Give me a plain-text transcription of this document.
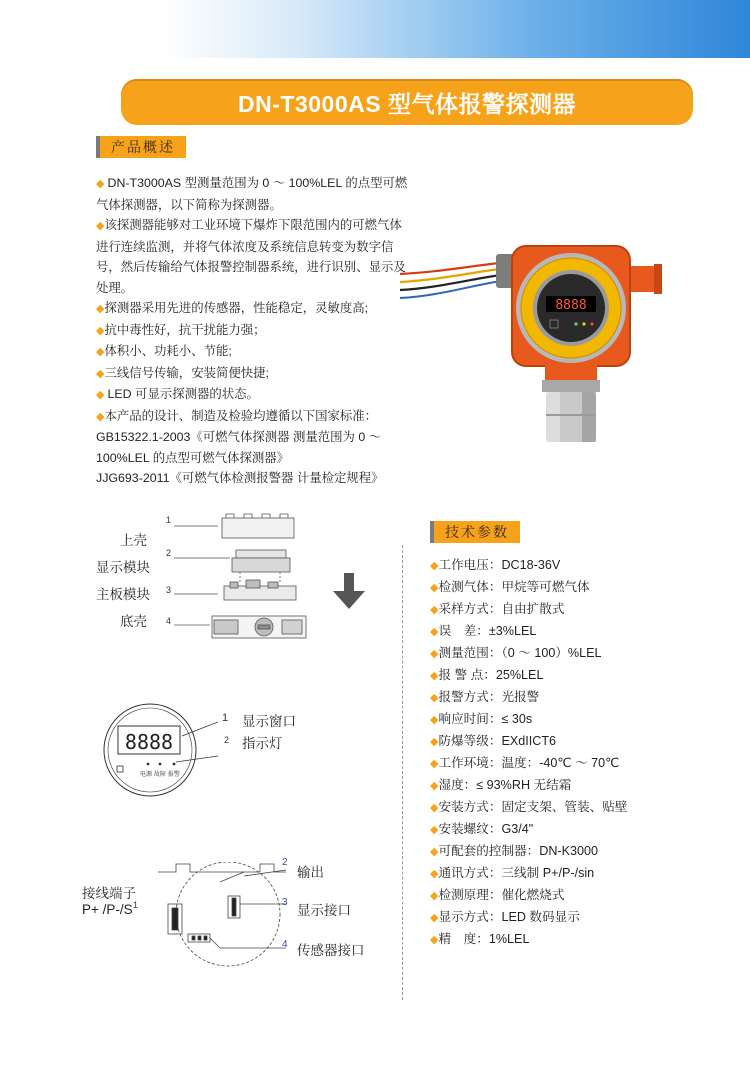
DN-T3000AS 型气体报警探测器
产品概述

◆ DN-T3000AS 型测量范围为 0 ～ 100%LEL 的点型可燃气体探测器，以下简称为探测器。

◆该探测器能够对工业环境下爆炸下限范围内的可燃气体进行连续监测，并将气体浓度及系统信息转变为数字信号，然后传输给气体报警控制器系统，进行识别、显示及处理。

◆探测器采用先进的传感器，性能稳定，灵敏度高;

◆抗中毒性好，抗干扰能力强；

◆体积小、功耗小、节能;

◆三线信号传输，安装简便快捷;

◆ LED 可显示探测器的状态。

◆本产品的设计、制造及检验均遵循以下国家标准：GB15322.1-2003《可燃气体探测器 测量范围为 0 ～ 100%LEL 的点型可燃气体探测器》

JJG693-2011《可燃气体检测报警器 计量检定规程》

8888
技术参数
◆工作电压：DC18-36V
◆检测气体：甲烷等可燃气体
◆采样方式：自由扩散式
◆误　差：±3%LEL
◆测量范围：（0 ～ 100）%LEL
◆报 警 点：25%LEL
◆报警方式：光报警
◆响应时间：≤ 30s
◆防爆等级：EXdIICT6
◆工作环境：温度：-40℃ ～ 70℃
◆湿度：≤ 93%RH 无结霜
◆安装方式：固定支架、管装、贴壁
◆安装螺纹：G3/4"
◆可配套的控制器：DN-K3000
◆通讯方式：三线制 P+/P-/sin
◆检测原理：催化燃烧式
◆显示方式：LED 数码显示
◆精　度：1%LEL
上壳
显示模块
主板模块
底壳
1
2
3
4
8888
电源 故障 报警
1 显示窗口
2 指示灯
接线端子
P+ /P-/S 1
2
输出
3
显示接口
4 传感器接口
